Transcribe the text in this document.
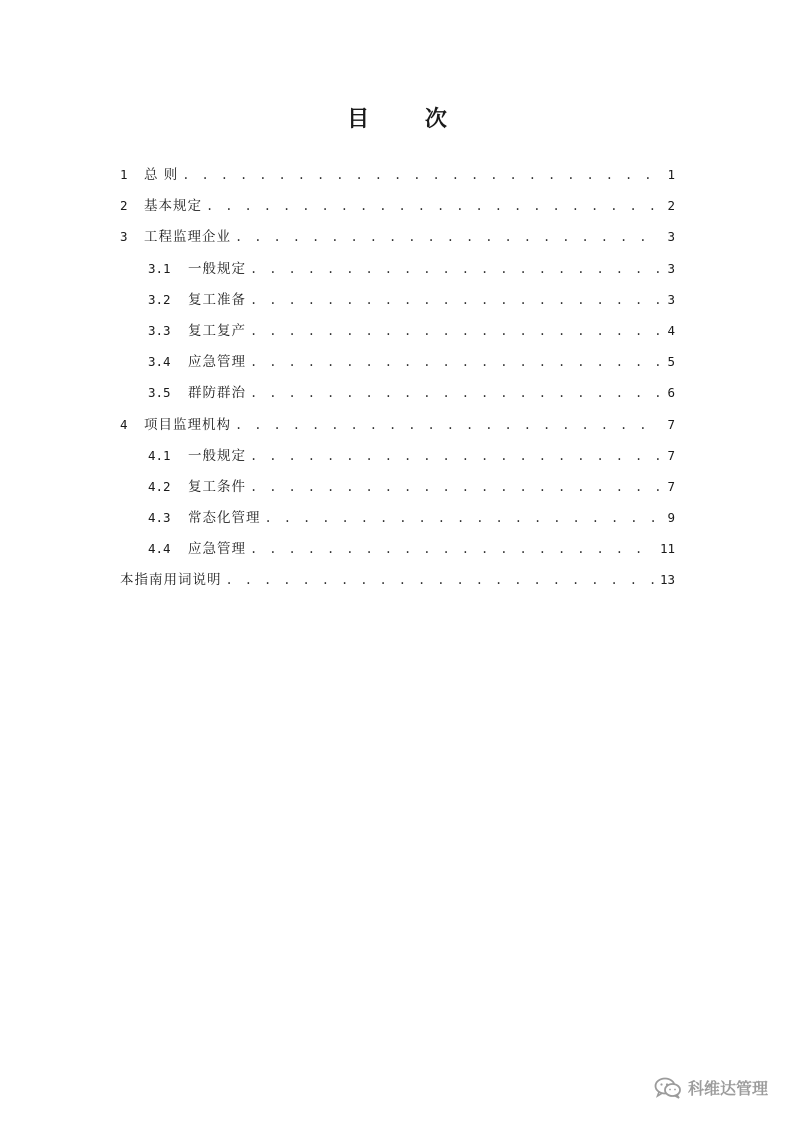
目 次
1	总 则 . . .	1
2	基本规定 . . .	2
3	工程监理企业 . . .	3
3.1	一般规定 . . .	3
3.2	复工准备 . . .	3
3.3	复工复产 . . .	4
3.4	应急管理 . . .	5
3.5	群防群治 . . .	6
4	项目监理机构 . . .	7
4.1	一般规定 . . .	7
4.2	复工条件 . . .	7
4.3	常态化管理 . . .	9
4.4	应急管理 . . .	11
本指南用词说明 . . .	13
科维达管理
